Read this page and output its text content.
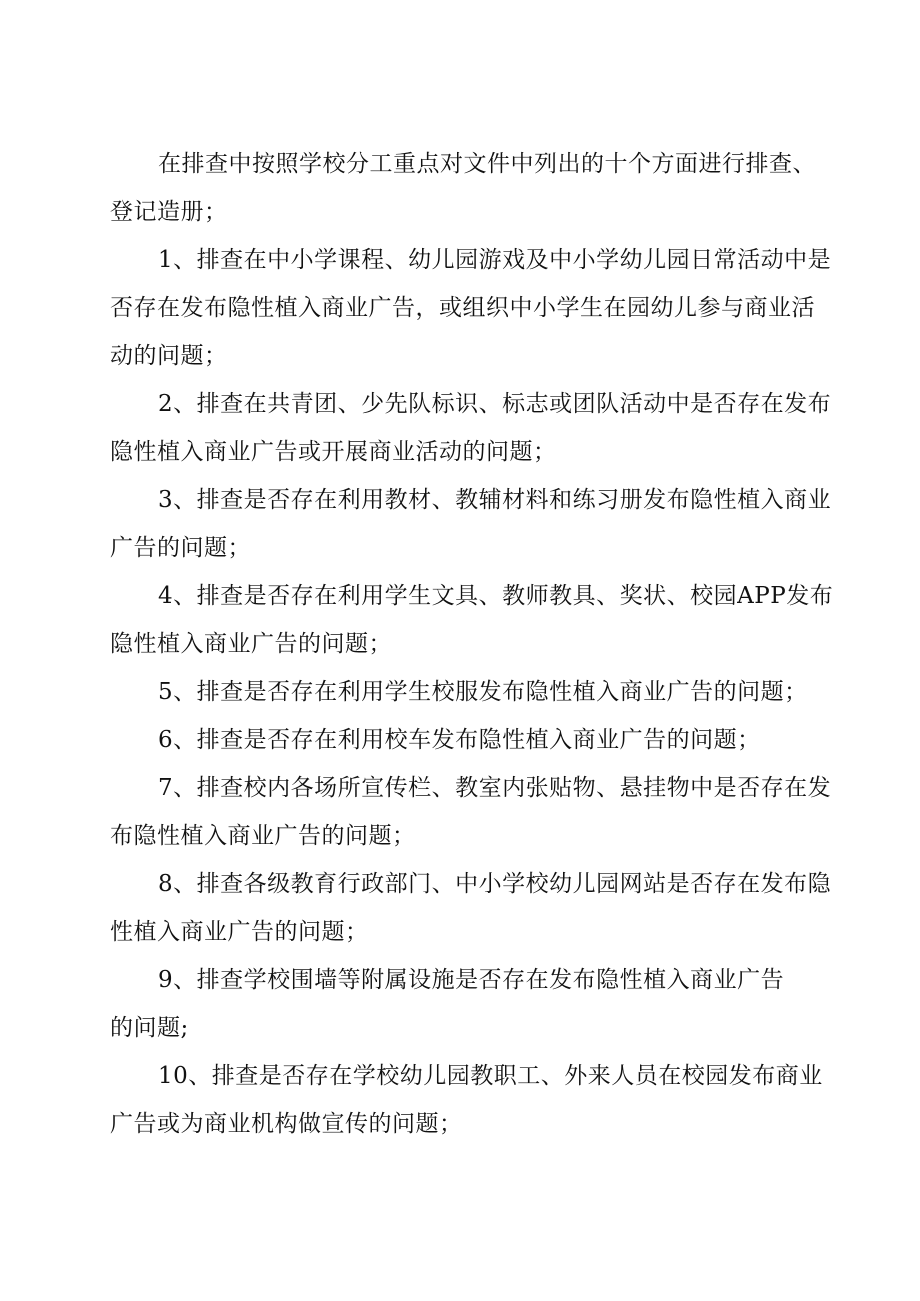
在排查中按照学校分工重点对文件中列出的十个方面进行排查、
登记造册；
1、排查在中小学课程、幼儿园游戏及中小学幼儿园日常活动中是
否存在发布隐性植入商业广告，或组织中小学生在园幼儿参与商业活
动的问题；
2、排查在共青团、少先队标识、标志或团队活动中是否存在发布
隐性植入商业广告或开展商业活动的问题；
3、排查是否存在利用教材、教辅材料和练习册发布隐性植入商业
广告的问题；
4、排查是否存在利用学生文具、教师教具、奖状、校园APP发布
隐性植入商业广告的问题；
5、排查是否存在利用学生校服发布隐性植入商业广告的问题；
6、排查是否存在利用校车发布隐性植入商业广告的问题；
7、排查校内各场所宣传栏、教室内张贴物、悬挂物中是否存在发
布隐性植入商业广告的问题；
8、排查各级教育行政部门、中小学校幼儿园网站是否存在发布隐
性植入商业广告的问题；
9、排查学校围墙等附属设施是否存在发布隐性植入商业广告
的问题;
10、排查是否存在学校幼儿园教职工、外来人员在校园发布商业
广告或为商业机构做宣传的问题；
